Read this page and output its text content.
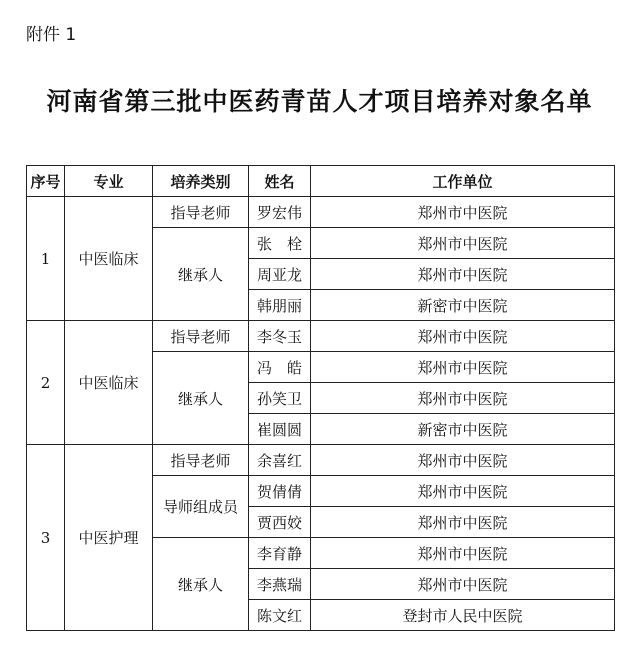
附件 1
河南省第三批中医药青苗人才项目培养对象名单
序号	专业	培养类别	姓名	工作单位
1	中医临床	指导老师	罗宏伟	郑州市中医院
		继承人	张　栓	郑州市中医院
			周亚龙	郑州市中医院
			韩朋丽	新密市中医院
2	中医临床	指导老师	李冬玉	郑州市中医院
		继承人	冯　皓	郑州市中医院
			孙笑卫	郑州市中医院
			崔圆圆	新密市中医院
3	中医护理	指导老师	余喜红	郑州市中医院
		导师组成员	贺倩倩	郑州市中医院
			贾西姣	郑州市中医院
		继承人	李育静	郑州市中医院
			李燕瑞	郑州市中医院
			陈文红	登封市人民中医院
